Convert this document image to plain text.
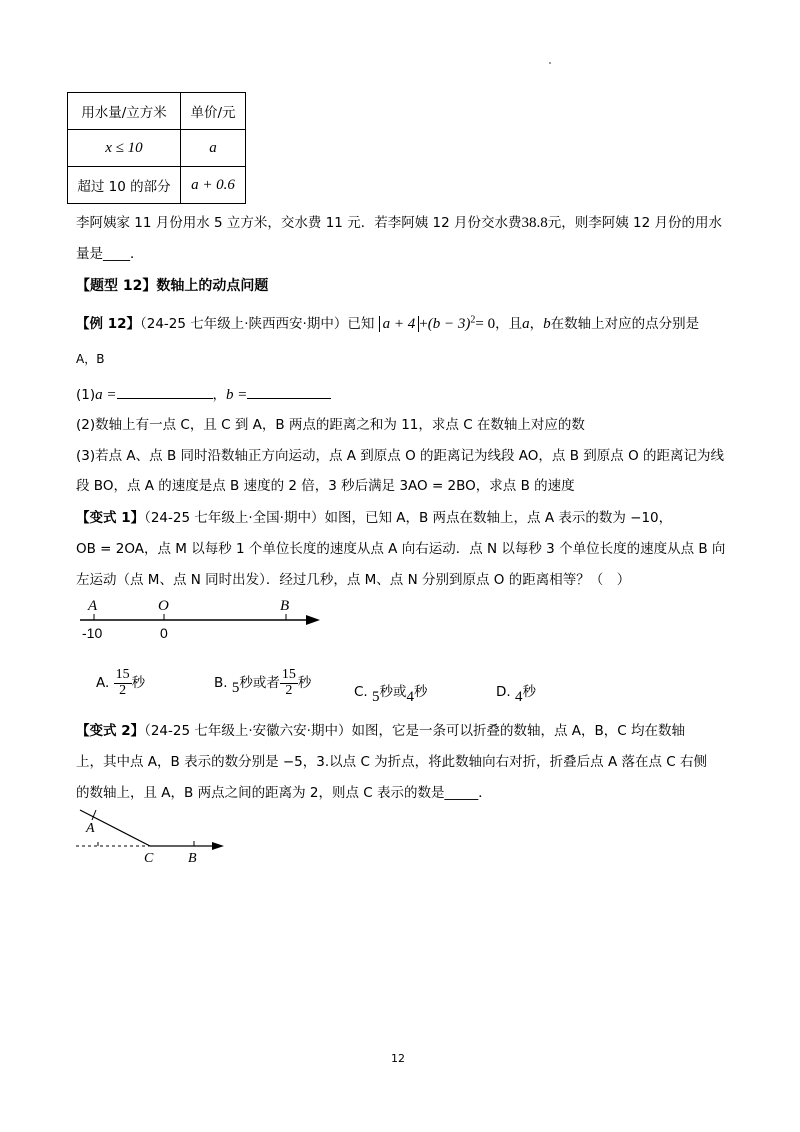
用水量/立方米	单价/元
x ≤ 10	a
超过 10 的部分	a + 0.6
李阿姨家 11 月份用水 5 立方米，交水费 11 元．若李阿姨 12 月份交水费38.8元，则李阿姨 12 月份的用水
量是____．
【题型 12】数轴上的动点问题
【例 12】（24-25 七年级上·陕西西安·期中）已知 $a + 4 +(b - 3)^2= 0$，且a，b在数轴上对应的点分别是
A，B
(1)a =	，b =
(2)数轴上有一点 C，且 C 到 A，B 两点的距离之和为 11，求点 C 在数轴上对应的数
(3)若点 A、点 B 同时沿数轴正方向运动，点 A 到原点 O 的距离记为线段 AO，点 B 到原点 O 的距离记为线
段 BO，点 A 的速度是点 B 速度的 2 倍，3 秒后满足 3AO = 2BO，求点 B 的速度
【变式 1】（24-25 七年级上·全国·期中）如图，已知 A，B 两点在数轴上，点 A 表示的数为 −10，
OB = 2OA，点 M 以每秒 1 个单位长度的速度从点 A 向右运动．点 N 以每秒 3 个单位长度的速度从点 B 向
左运动（点 M、点 N 同时出发）．经过几秒，点 M、点 N 分别到原点 O 的距离相等？（　）
A	O	B
-10	0
A. $\frac{15}{2}$ 秒	B. 5秒或者 $\frac{15}{2}$ 秒
C. 5秒或4秒	D. 4秒
【变式 2】（24-25 七年级上·安徽六安·期中）如图，它是一条可以折叠的数轴，点 A，B，C 均在数轴
上，其中点 A，B 表示的数分别是 −5，3.以点 C 为折点，将此数轴向右对折，折叠后点 A 落在点 C 右侧
的数轴上，且 A，B 两点之间的距离为 2，则点 C 表示的数是_____．
A
C B
12
